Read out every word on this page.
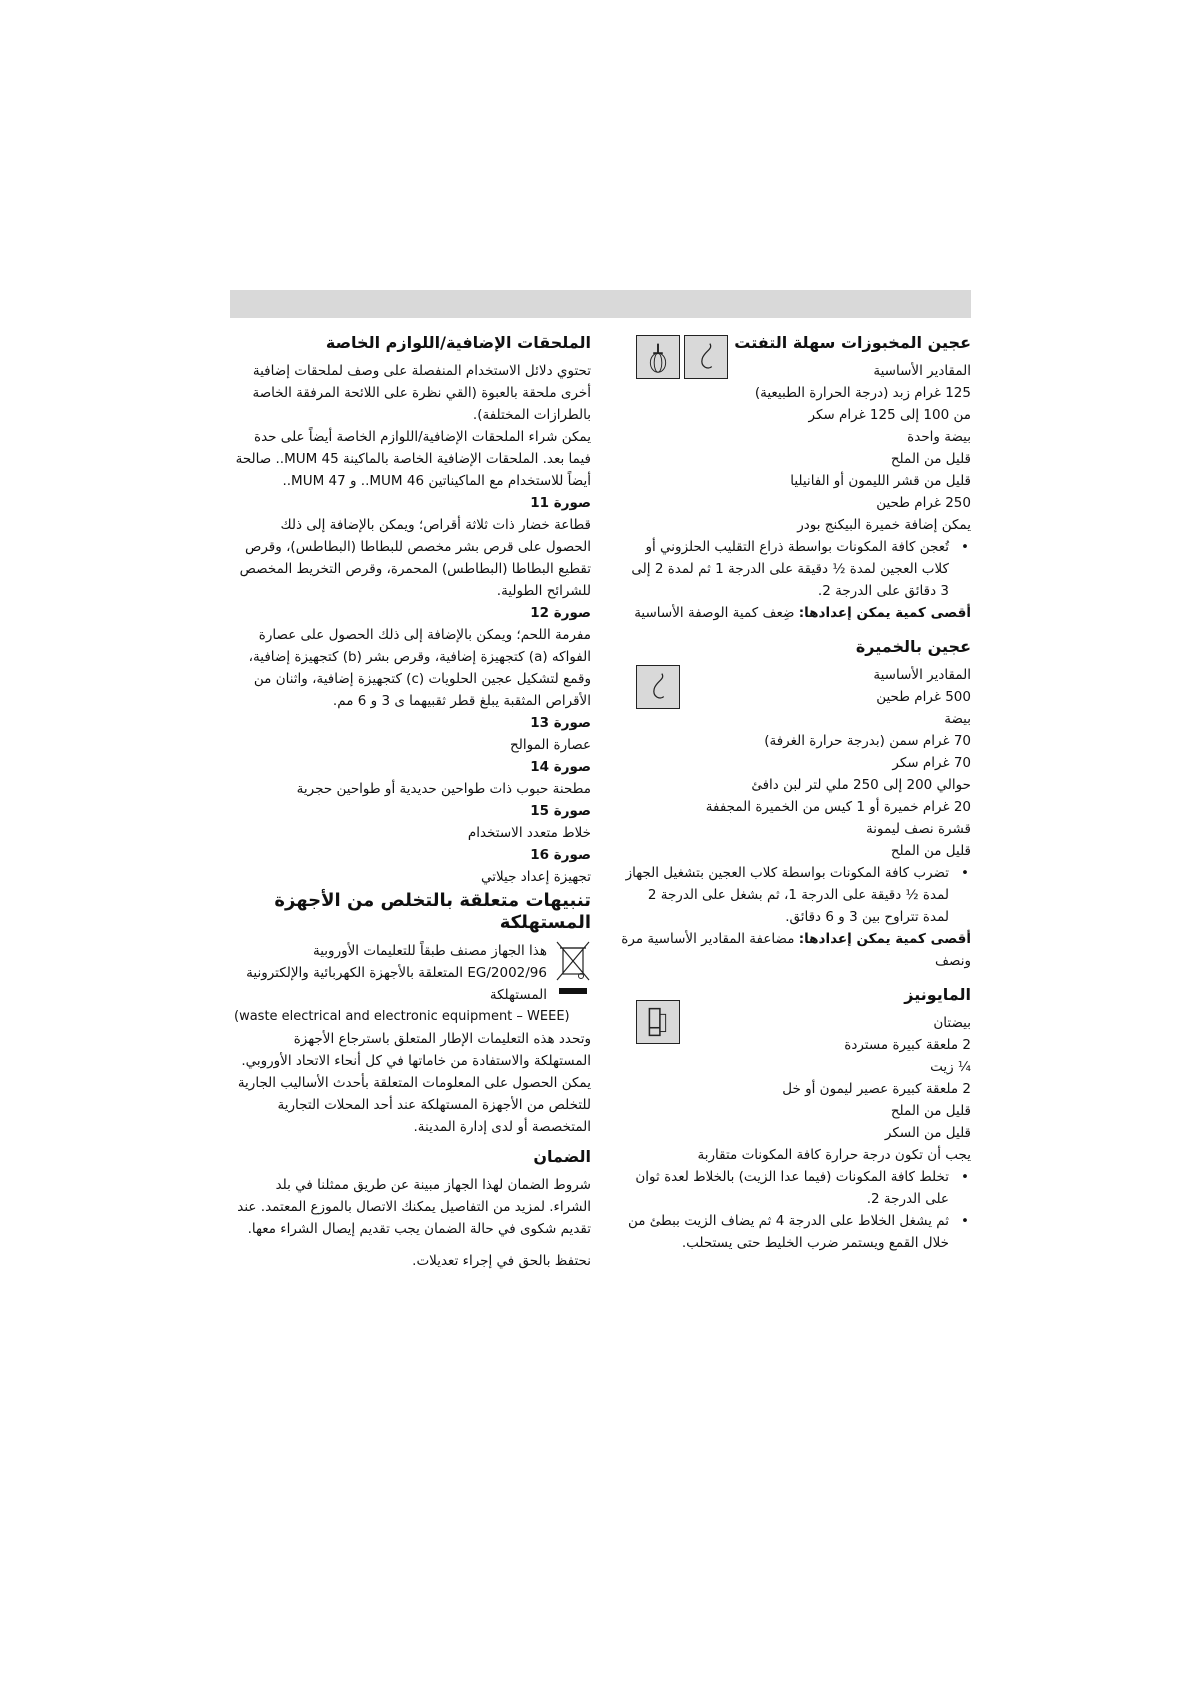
عجين المخبوزات سهلة التفتت

المقادير الأساسية

125 غرام زبد (درجة الحرارة الطبيعية)

من 100 إلى 125 غرام سكر

بيضة واحدة

قليل من الملح

قليل من قشر الليمون أو الفانيليا

250 غرام طحين

يمكن إضافة خميرة البيكنج بودر

• تُعجن كافة المكونات بواسطة ذراع التقليب الحلزوني أو كلاب العجين لمدة ½ دقيقة على الدرجة 1 ثم لمدة 2 إلى 3 دقائق على الدرجة 2.

أقصى كمية يمكن إعدادها: ضِعف كمية الوصفة الأساسية

عجين بالخميرة

المقادير الأساسية

500 غرام طحين

بيضة

70 غرام سمن (بدرجة حرارة الغرفة)

70 غرام سكر

حوالي 200 إلى 250 ملي لتر لبن دافئ

20 غرام خميرة أو 1 كيس من الخميرة المجففة

قشرة نصف ليمونة

قليل من الملح

• تضرب كافة المكونات بواسطة كلاب العجين بتشغيل الجهاز لمدة ½ دقيقة على الدرجة 1، ثم بشغل على الدرجة 2 لمدة تتراوح بين 3 و 6 دقائق.

أقصى كمية يمكن إعدادها: مضاعفة المقادير الأساسية مرة ونصف

المايونيز

بيضتان

2 ملعقة كبيرة مستردة

¼ زيت

2 ملعقة كبيرة عصير ليمون أو خل

قليل من الملح

قليل من السكر

يجب أن تكون درجة حرارة كافة المكونات متقاربة

• تخلط كافة المكونات (فيما عدا الزيت) بالخلاط لعدة ثوان على الدرجة 2.
• ثم يشغل الخلاط على الدرجة 4 ثم يضاف الزيت ببطئ من خلال القمع ويستمر ضرب الخليط حتى يستحلب.
الملحقات الإضافية/اللوازم الخاصة

تحتوي دلائل الاستخدام المنفصلة على وصف لملحقات إضافية أخرى ملحقة بالعبوة (القي نظرة على اللائحة المرفقة الخاصة بالطرازات المختلفة).

يمكن شراء الملحقات الإضافية/اللوازم الخاصة أيضاً على حدة فيما بعد. الملحقات الإضافية الخاصة بالماكينة MUM 45.. صالحة أيضاً للاستخدام مع الماكيناتين MUM 46.. و MUM 47..

صورة 11

قطاعة خضار ذات ثلاثة أقراص؛ ويمكن بالإضافة إلى ذلك الحصول على قرص بشر مخصص للبطاطا (البطاطس)، وقرص تقطيع البطاطا (البطاطس) المحمرة، وقرص التخريط المخصص للشرائح الطولية.

صورة 12

مفرمة اللحم؛ ويمكن بالإضافة إلى ذلك الحصول على عصارة الفواكه (a) كتجهيزة إضافية، وقرص بشر (b) كتجهيزة إضافية، وقمع لتشكيل عجين الحلويات (c) كتجهيزة إضافية، واثنان من الأقراص المثقبة يبلغ قطر ثقبيهما ى 3 و 6 مم.

صورة 13

عصارة الموالح

صورة 14

مطحنة حبوب ذات طواحين حديدية أو طواحين حجرية

صورة 15

خلاط متعدد الاستخدام

صورة 16

تجهيزة إعداد جيلاتي

تنبيهات متعلقة بالتخلص من الأجهزة المستهلكة

هذا الجهاز مصنف طبقاً للتعليمات الأوروبية 2002/96/EG المتعلقة بالأجهزة الكهربائية والإلكترونية المستهلكة

(waste electrical and electronic equipment – WEEE)

وتحدد هذه التعليمات الإطار المتعلق باسترجاع الأجهزة المستهلكة والاستفادة من خاماتها في كل أنحاء الاتحاد الأوروبي. يمكن الحصول على المعلومات المتعلقة بأحدث الأساليب الجارية للتخلص من الأجهزة المستهلكة عند أحد المحلات التجارية المتخصصة أو لدى إدارة المدينة.

الضمان

شروط الضمان لهذا الجهاز مبينة عن طريق ممثلنا في بلد الشراء. لمزيد من التفاصيل يمكنك الاتصال بالموزع المعتمد. عند تقديم شكوى في حالة الضمان يجب تقديم إيصال الشراء معها.

نحتفظ بالحق في إجراء تعديلات.
